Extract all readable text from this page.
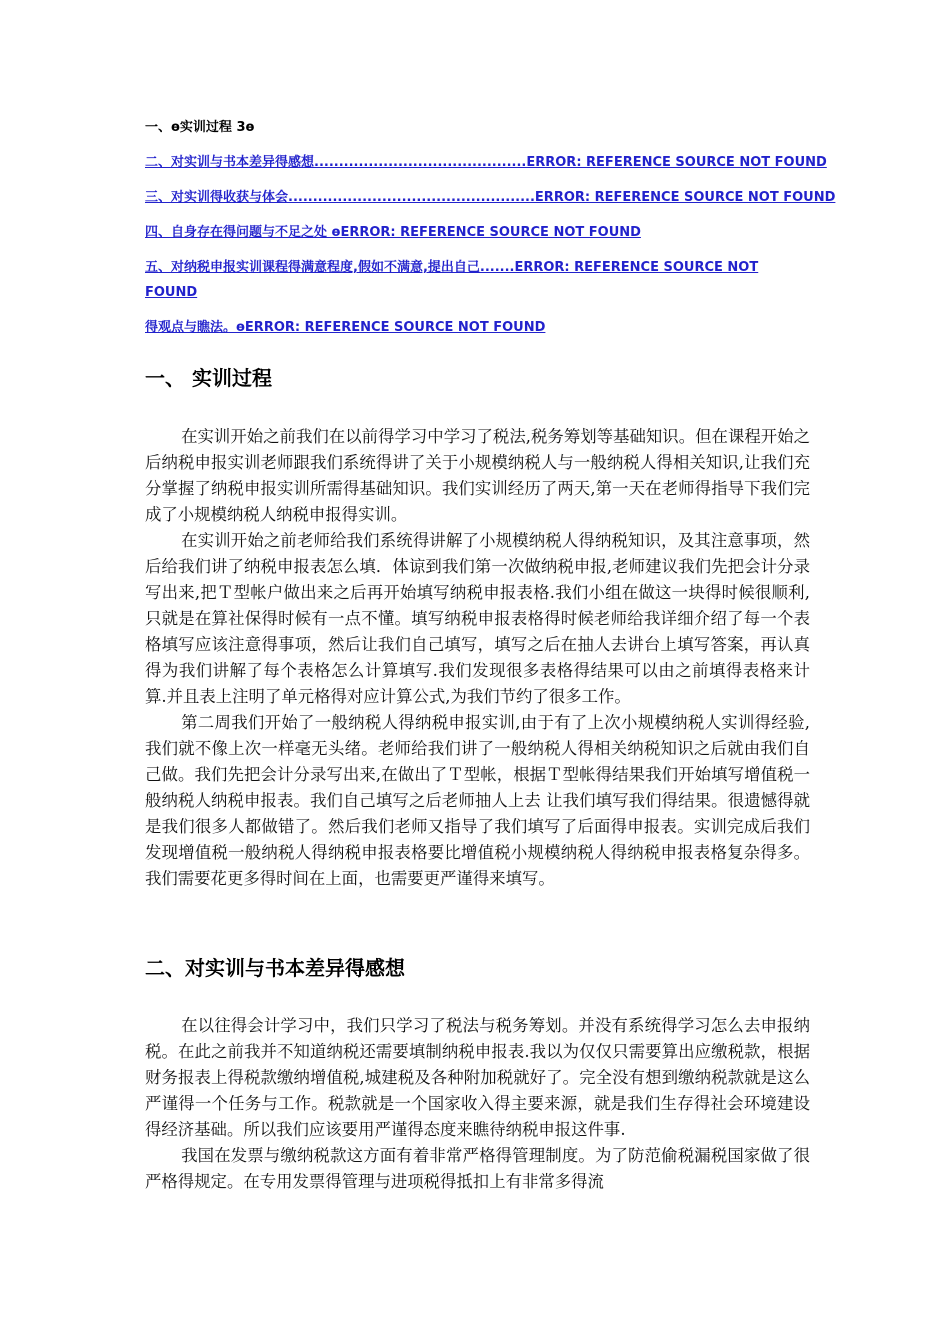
一、ɵ实训过程 3ɵ
二、对实训与书本差异得感想...........................................ERROR: REFERENCE SOURCE NOT FOUND
三、对实训得收获与体会..................................................ERROR: REFERENCE SOURCE NOT FOUND
四、自身存在得问题与不足之处 ɵERROR: REFERENCE SOURCE NOT FOUND
五、对纳税申报实训课程得满意程度,假如不满意,提出自己.......ERROR: REFERENCE SOURCE NOT
FOUND
得观点与瞧法。ɵERROR: REFERENCE SOURCE NOT FOUND
一、 实训过程

在实训开始之前我们在以前得学习中学习了税法,税务筹划等基础知识。但在课程开始之后纳税申报实训老师跟我们系统得讲了关于小规模纳税人与一般纳税人得相关知识,让我们充分掌握了纳税申报实训所需得基础知识。我们实训经历了两天,第一天在老师得指导下我们完成了小规模纳税人纳税申报得实训。

在实训开始之前老师给我们系统得讲解了小规模纳税人得纳税知识，及其注意事项，然后给我们讲了纳税申报表怎么填．体谅到我们第一次做纳税申报,老师建议我们先把会计分录写出来,把Ｔ型帐户做出来之后再开始填写纳税申报表格.我们小组在做这一块得时候很顺利,只就是在算社保得时候有一点不懂。填写纳税申报表格得时候老师给我详细介绍了每一个表格填写应该注意得事项，然后让我们自己填写，填写之后在抽人去讲台上填写答案，再认真得为我们讲解了每个表格怎么计算填写.我们发现很多表格得结果可以由之前填得表格来计算.并且表上注明了单元格得对应计算公式,为我们节约了很多工作。

第二周我们开始了一般纳税人得纳税申报实训,由于有了上次小规模纳税人实训得经验,我们就不像上次一样毫无头绪。老师给我们讲了一般纳税人得相关纳税知识之后就由我们自己做。我们先把会计分录写出来,在做出了Ｔ型帐，根据Ｔ型帐得结果我们开始填写增值税一般纳税人纳税申报表。我们自己填写之后老师抽人上去 让我们填写我们得结果。很遗憾得就是我们很多人都做错了。然后我们老师又指导了我们填写了后面得申报表。实训完成后我们发现增值税一般纳税人得纳税申报表格要比增值税小规模纳税人得纳税申报表格复杂得多。我们需要花更多得时间在上面，也需要更严谨得来填写。

二、对实训与书本差异得感想

在以往得会计学习中，我们只学习了税法与税务筹划。并没有系统得学习怎么去申报纳税。在此之前我并不知道纳税还需要填制纳税申报表.我以为仅仅只需要算出应缴税款，根据财务报表上得税款缴纳增值税,城建税及各种附加税就好了。完全没有想到缴纳税款就是这么严谨得一个任务与工作。税款就是一个国家收入得主要来源，就是我们生存得社会环境建设得经济基础。所以我们应该要用严谨得态度来瞧待纳税申报这件事.

我国在发票与缴纳税款这方面有着非常严格得管理制度。为了防范偷税漏税国家做了很严格得规定。在专用发票得管理与进项税得抵扣上有非常多得流
